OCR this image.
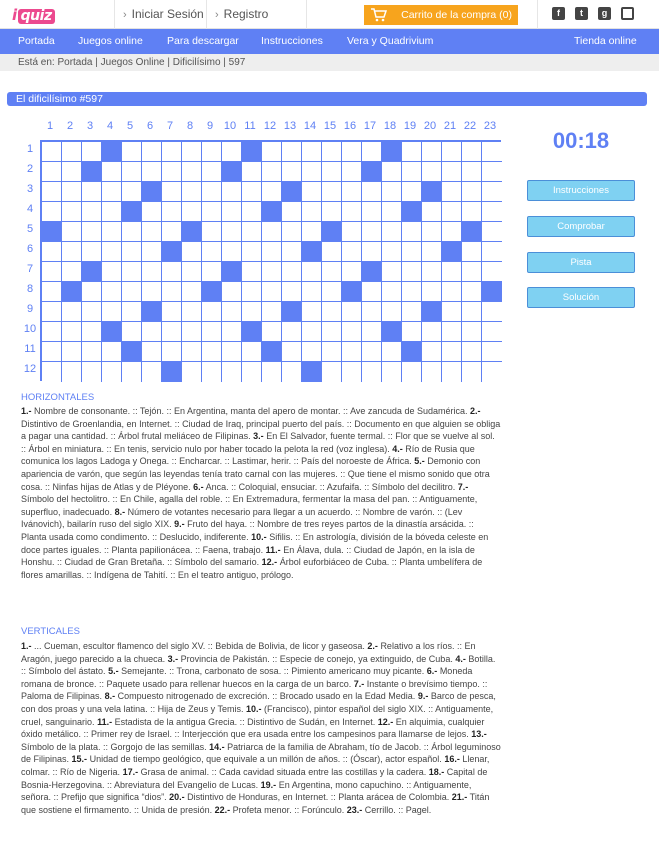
i quiz	› Iniciar Sesión	› Registro	Carrito de la compra (0)	f	t	g
Portada Juegos online Para descargar Instrucciones Vera y Quadrivium	Tienda online
Está en: Portada | Juegos Online | Dificilísimo | 597
El dificilísimo #597
1	2	3	4	5	6	7	8	9 10 11 12 13 14 15 16 17 18 19 20 21 22 23
1
2
3
4
5
6
7
8
9
10
11
12
00:18
Instrucciones
Comprobar
Pista
Solución
HORIZONTALES
1.- Nombre de consonante. :: Tejón. :: En Argentina, manta del apero de montar. :: Ave zancuda de Sudamérica. 2.- Distintivo de Groenlandia, en Internet. :: Ciudad de Iraq, principal puerto del país. :: Documento en que alguien se obliga a pagar una cantidad. :: Árbol frutal meliáceo de Filipinas. 3.- En El Salvador, fuente termal. :: Flor que se vuelve al sol. :: Árbol en miniatura. :: En tenis, servicio nulo por haber tocado la pelota la red (voz inglesa). 4.- Río de Rusia que comunica los lagos Ladoga y Onega. :: Encharcar. :: Lastimar, herir. :: País del noroeste de África. 5.- Demonio con apariencia de varón, que según las leyendas tenía trato carnal con las mujeres. :: Que tiene el mismo sonido que otra cosa. :: Ninfas hijas de Atlas y de Pléyone. 6.- Anca. :: Coloquial, ensuciar. :: Azufaifa. :: Símbolo del decilitro. 7.- Símbolo del hectolitro. :: En Chile, agalla del roble. :: En Extremadura, fermentar la masa del pan. :: Antiguamente, superfluo, inadecuado. 8.- Número de votantes necesario para llegar a un acuerdo. :: Nombre de varón. :: (Lev Ivánovich), bailarín ruso del siglo XIX. 9.- Fruto del haya. :: Nombre de tres reyes partos de la dinastía arsácida. :: Planta usada como condimento. :: Deslucido, indiferente. 10.- Sifilis. :: En astrología, división de la bóveda celeste en doce partes iguales. :: Planta papilionácea. :: Faena, trabajo. 11.- En Álava, dula. :: Ciudad de Japón, en la isla de Honshu. :: Ciudad de Gran Bretaña. :: Símbolo del samario. 12.- Árbol euforbiáceo de Cuba. :: Planta umbelífera de flores amarillas. :: Indígena de Tahití. :: En el teatro antiguo, prólogo.
VERTICALES
1.- ... Cueman, escultor flamenco del siglo XV. :: Bebida de Bolivia, de licor y gaseosa. 2.- Relativo a los ríos. :: En Aragón, juego parecido a la chueca. 3.- Provincia de Pakistán. :: Especie de conejo, ya extinguido, de Cuba. 4.- Botilla. :: Símbolo del ástato. 5.- Semejante. :: Trona, carbonato de sosa. :: Pimiento americano muy picante. 6.- Moneda romana de bronce. :: Paquete usado para rellenar huecos en la carga de un barco. 7.- Instante o brevísimo tiempo. :: Paloma de Filipinas. 8.- Compuesto nitrogenado de excreción. :: Brocado usado en la Edad Media. 9.- Barco de pesca, con dos proas y una vela latina. :: Hija de Zeus y Temis. 10.- (Francisco), pintor español del siglo XIX. :: Antiguamente, cruel, sanguinario. 11.- Estadista de la antigua Grecia. :: Distintivo de Sudán, en Internet. 12.- En alquimia, cualquier óxido metálico. :: Primer rey de Israel. :: Interjección que era usada entre los campesinos para llamarse de lejos. 13.- Símbolo de la plata. :: Gorgojo de las semillas. 14.- Patriarca de la familia de Abraham, tío de Jacob. :: Árbol leguminoso de Filipinas. 15.- Unidad de tiempo geológico, que equivale a un millón de años. :: (Óscar), actor español. 16.- Llenar, colmar. :: Río de Nigeria. 17.- Grasa de animal. :: Cada cavidad situada entre las costillas y la cadera. 18.- Capital de Bosnia-Herzegovina. :: Abreviatura del Evangelio de Lucas. 19.- En Argentina, mono capuchino. :: Antiguamente, señora. :: Prefijo que significa “dios”. 20.- Distintivo de Honduras, en Internet. :: Planta arácea de Colombia. 21.- Titán que sostiene el firmamento. :: Unida de presión. 22.- Profeta menor. :: Forúnculo. 23.- Cerrillo. :: Pagel.
